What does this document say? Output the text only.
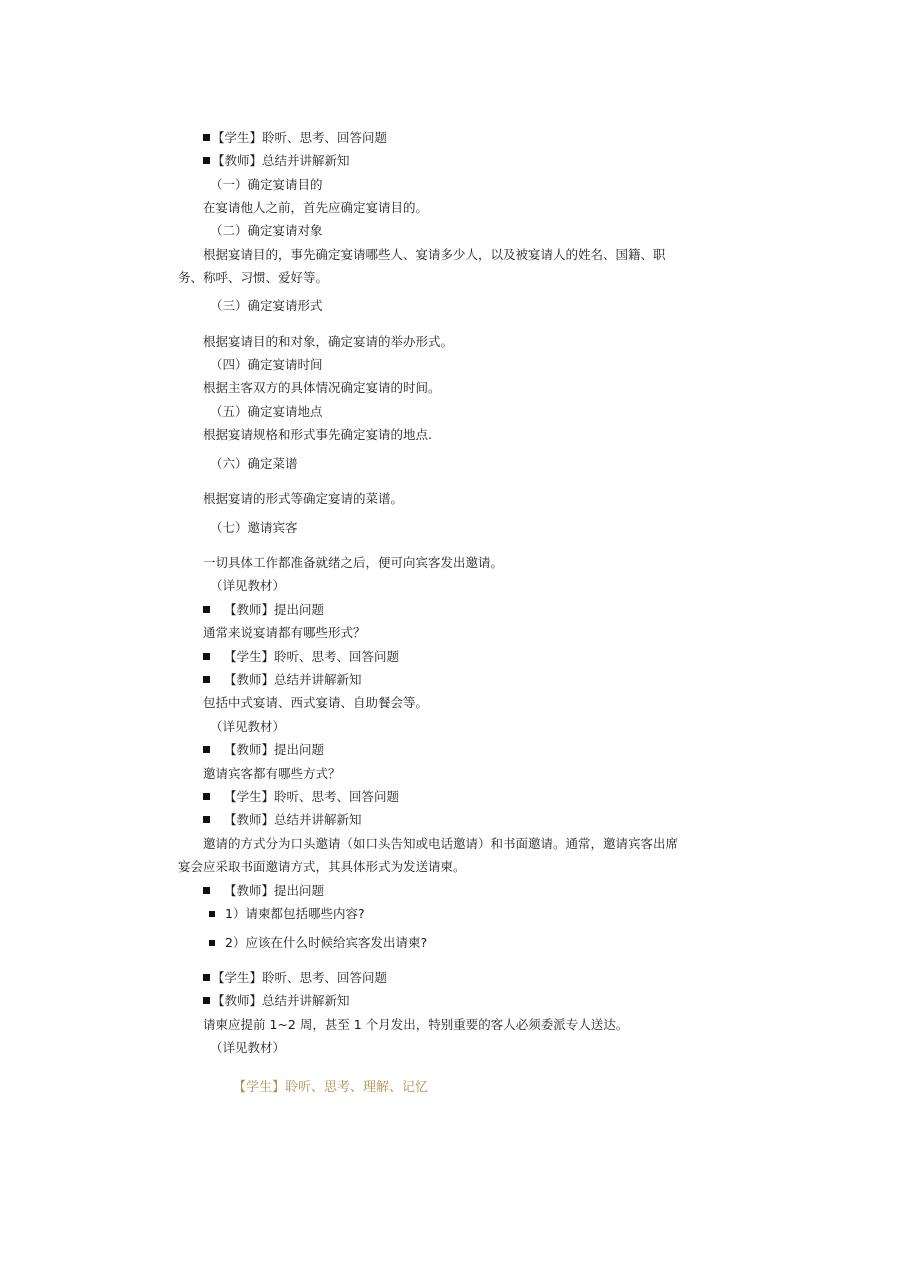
【学生】聆听、思考、回答问题
【教师】总结并讲解新知
（一）确定宴请目的
在宴请他人之前，首先应确定宴请目的。
（二）确定宴请对象
根据宴请目的，事先确定宴请哪些人、宴请多少人，以及被宴请人的姓名、国籍、职
务、称呼、习惯、爱好等。
（三）确定宴请形式
根据宴请目的和对象，确定宴请的举办形式。
（四）确定宴请时间
根据主客双方的具体情况确定宴请的时间。
（五）确定宴请地点
根据宴请规格和形式事先确定宴请的地点.
（六）确定菜谱
根据宴请的形式等确定宴请的菜谱。
（七）邀请宾客
一切具体工作都准备就绪之后，便可向宾客发出邀请。
（详见教材）
【教师】提出问题
通常来说宴请都有哪些形式？
【学生】聆听、思考、回答问题
【教师】总结并讲解新知
包括中式宴请、西式宴请、自助餐会等。
（详见教材）
【教师】提出问题
邀请宾客都有哪些方式？
【学生】聆听、思考、回答问题
【教师】总结并讲解新知
邀请的方式分为口头邀请（如口头告知或电话邀请）和书面邀请。通常，邀请宾客出席
宴会应采取书面邀请方式，其具体形式为发送请柬。
【教师】提出问题
1）请柬都包括哪些内容?
2）应该在什么时候给宾客发出请柬?
【学生】聆听、思考、回答问题
【教师】总结并讲解新知
请柬应提前 1~2 周，甚至 1 个月发出，特别重要的客人必须委派专人送达。
（详见教材）
【学生】聆听、思考、理解、记忆
